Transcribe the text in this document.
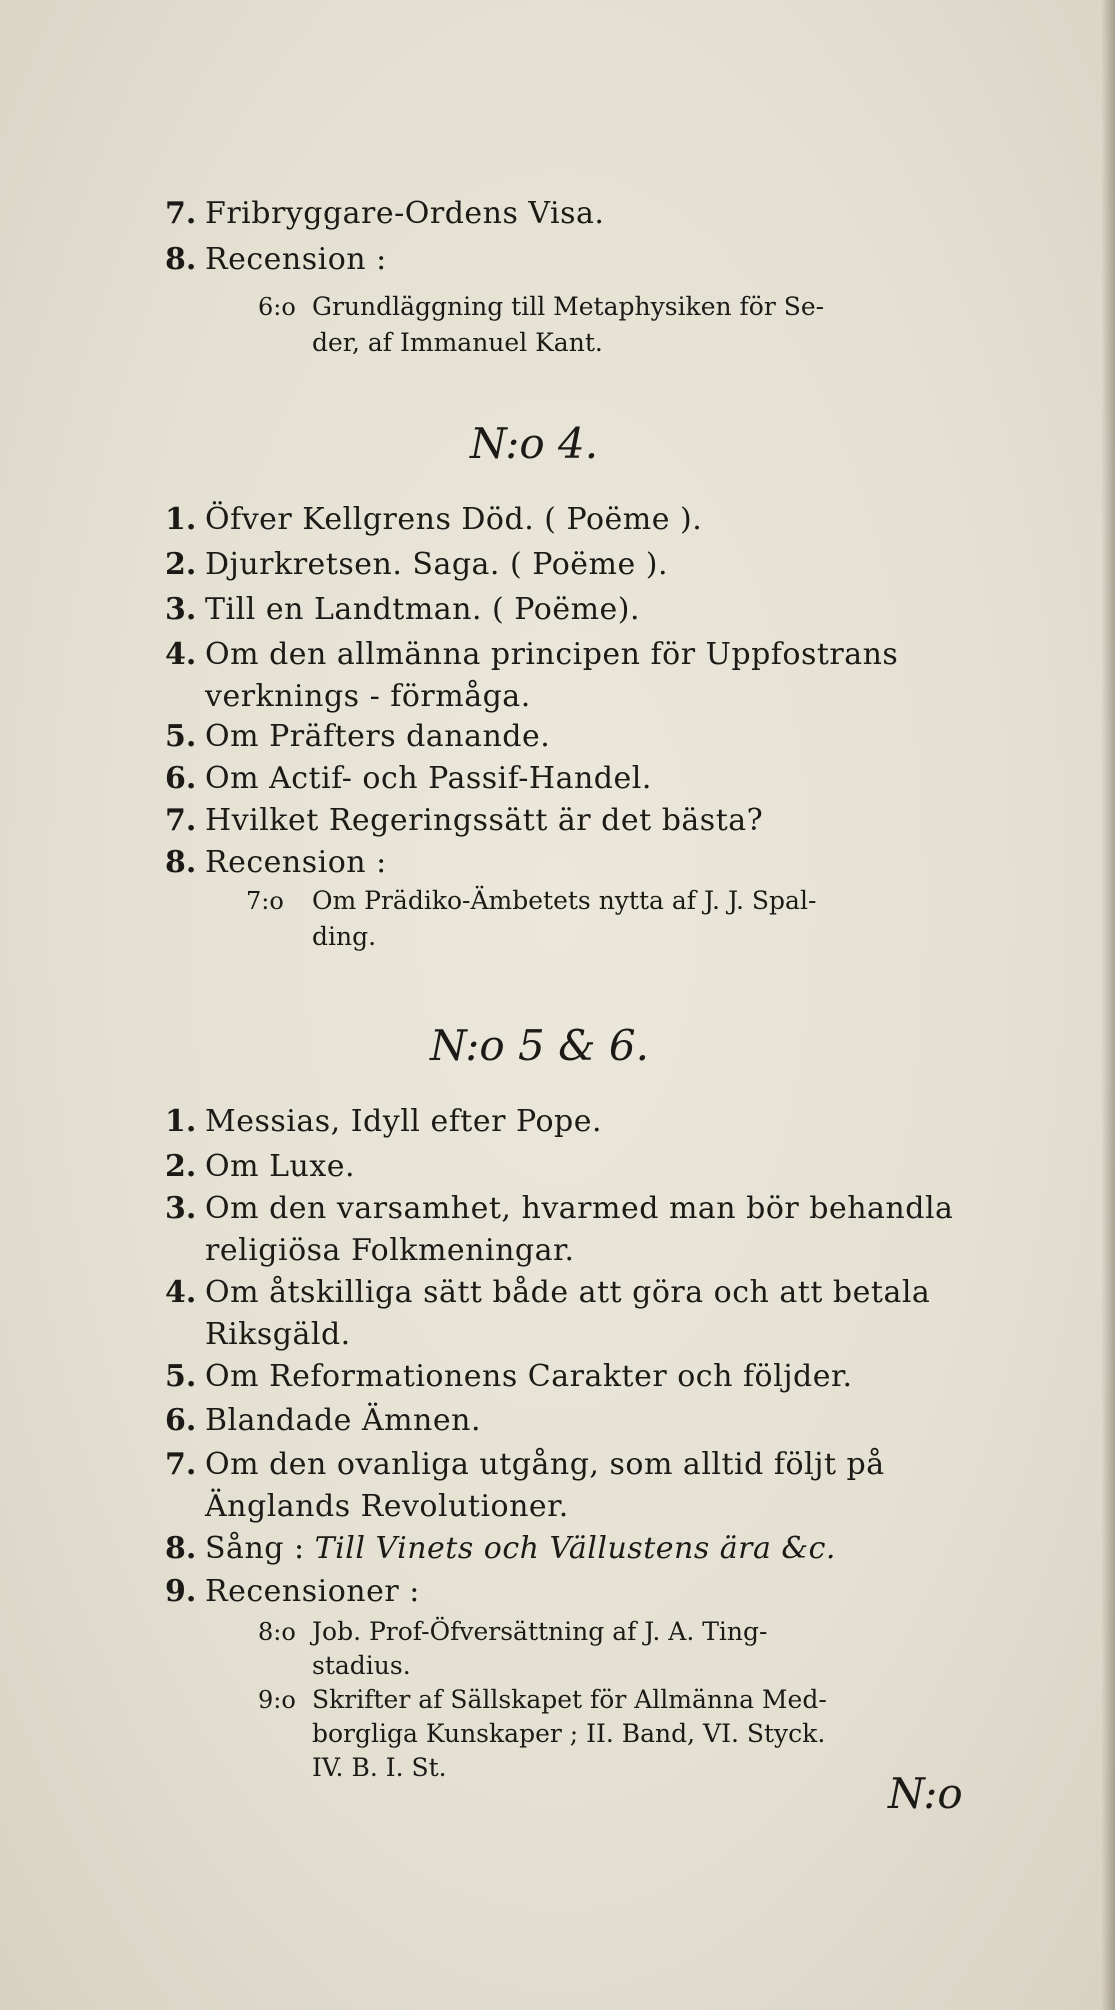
7. Fribryggare-Ordens Visa.
8. Recension :
6:o Grundläggning till Metaphysiken för Se-
der, af Immanuel Kant.
N:o 4.
1. Öfver Kellgrens Död. ( Poëme ).
2. Djurkretsen. Saga. ( Poëme ).
3. Till en Landtman. ( Poëme).
4. Om den allmänna principen för Uppfostrans
verknings - förmåga.
5. Om Präfters danande.
6. Om Actif- och Passif-Handel.
7. Hvilket Regeringssätt är det bästa?
8. Recension :
7:o Om Prädiko-Ämbetets nytta af J. J. Spal-
ding.
N:o 5 & 6.
1. Messias, Idyll efter Pope.
2. Om Luxe.
3. Om den varsamhet, hvarmed man bör behandla
religiösa Folkmeningar.
4. Om åtskilliga sätt både att göra och att betala
Riksgäld.
5. Om Reformationens Carakter och följder.
6. Blandade Ämnen.
7. Om den ovanliga utgång, som alltid följt på
Änglands Revolutioner.
8. Sång : Till Vinets och Vällustens ära &c.
9. Recensioner :
8:o Job. Prof-Öfversättning af J. A. Ting-
stadius.
9:o Skrifter af Sällskapet för Allmänna Med-
borgliga Kunskaper ; II. Band, VI. Styck.
IV. B. I. St.
N:o
